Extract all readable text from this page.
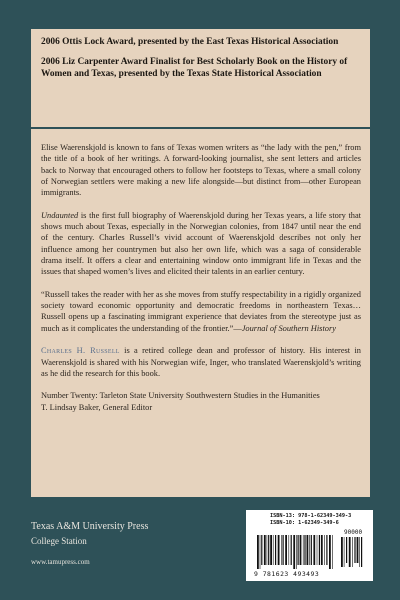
2006 Ottis Lock Award, presented by the East Texas Historical Association

2006 Liz Carpenter Award Finalist for Best Scholarly Book on the History of Women and Texas, presented by the Texas State Historical Association

Elise Waerenskjold is known to fans of Texas women writers as “the lady with the pen,” from the title of a book of her writings. A forward-looking journalist, she sent letters and articles back to Norway that encouraged others to follow her footsteps to Texas, where a small colony of Norwegian settlers were making a new life alongside—but distinct from—other European immigrants.

Undaunted is the first full biography of Waerenskjold during her Texas years, a life story that shows much about Texas, especially in the Norwegian colonies, from 1847 until near the end of the century. Charles Russell’s vivid account of Waerenskjold describes not only her influence among her countrymen but also her own life, which was a saga of considerable drama itself. It offers a clear and entertaining window onto immigrant life in Texas and the issues that shaped women’s lives and elicited their talents in an earlier century.

“Russell takes the reader with her as she moves from stuffy respectability in a rigidly organized society toward economic opportunity and democratic freedoms in northeastern Texas… Russell opens up a fascinating immigrant experience that deviates from the stereotype just as much as it complicates the understanding of the frontier.”—Journal of Southern History

Charles H. Russell is a retired college dean and professor of history. His interest in Waerenskjold is shared with his Norwegian wife, Inger, who translated Waerenskjold’s writing as he did the research for this book.

Number Twenty: Tarleton State University Southwestern Studies in the Humanities

T. Lindsay Baker, General Editor

Texas A&M University Press
College Station
www.tamupress.com
ISBN-13: 978-1-62349-349-3
ISBN-10: 1-62349-349-6
90000
9 781623 493493
